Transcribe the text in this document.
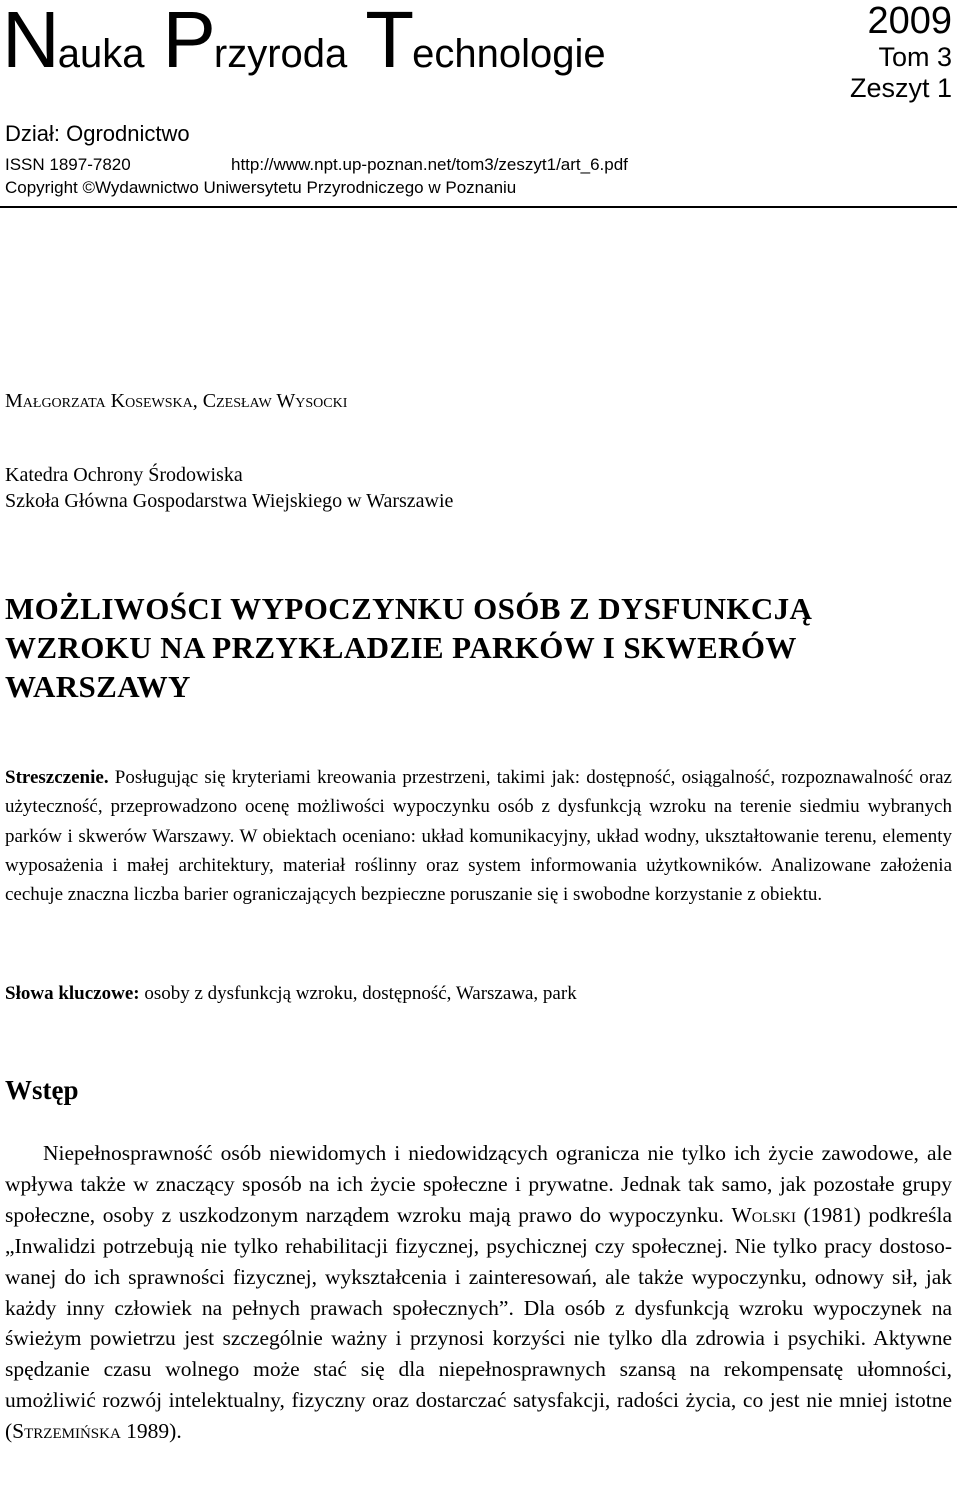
Nauka Przyroda Technologie
2009
Tom 3
Zeszyt 1
Dział: Ogrodnictwo
ISSN 1897-7820	http://www.npt.up-poznan.net/tom3/zeszyt1/art_6.pdf
Copyright ©Wydawnictwo Uniwersytetu Przyrodniczego w Poznaniu
Małgorzata Kosewska, Czesław Wysocki
Katedra Ochrony Środowiska
Szkoła Główna Gospodarstwa Wiejskiego w Warszawie
MOŻLIWOŚCI WYPOCZYNKU OSÓB Z DYSFUNKCJĄ WZROKU NA PRZYKŁADZIE PARKÓW I SKWERÓW WARSZAWY

Streszczenie. Posługując się kryteriami kreowania przestrzeni, takimi jak: dostępność, osiągalność, rozpoznawalność oraz użyteczność, przeprowadzono ocenę możliwości wypoczynku osób z dysfunkcją wzroku na terenie siedmiu wybranych parków i skwerów Warszawy. W obiektach oceniano: układ komunikacyjny, układ wodny, ukształtowanie terenu, elementy wyposażenia i małej architektury, materiał roślinny oraz system informowania użytkowników. Analizowane założenia cechuje znaczna liczba barier ograniczających bezpieczne poruszanie się i swobodne korzystanie z obiektu.

Słowa kluczowe: osoby z dysfunkcją wzroku, dostępność, Warszawa, park

Wstęp

Niepełnosprawność osób niewidomych i niedowidzących ogranicza nie tylko ich życie zawodowe, ale wpływa także w znaczący sposób na ich życie społeczne i prywatne. Jednak tak samo, jak pozostałe grupy społeczne, osoby z uszkodzonym narządem wzroku mają prawo do wypoczynku. Wolski (1981) podkreśla „Inwalidzi potrzebują nie tylko rehabilitacji fizycznej, psychicznej czy społecznej. Nie tylko pracy dostosowanej do ich sprawności fizycznej, wykształcenia i zainteresowań, ale także wypoczynku, odnowy sił, jak każdy inny człowiek na pełnych prawach społecznych”. Dla osób z dysfunkcją wzroku wypoczynek na świeżym powietrzu jest szczególnie ważny i przynosi korzyści nie tylko dla zdrowia i psychiki. Aktywne spędzanie czasu wolnego może stać się dla niepełnosprawnych szansą na rekompensatę ułomności, umożliwić rozwój intelektualny, fizyczny oraz dostarczać satysfakcji, radości życia, co jest nie mniej istotne (Strzemińska 1989).
